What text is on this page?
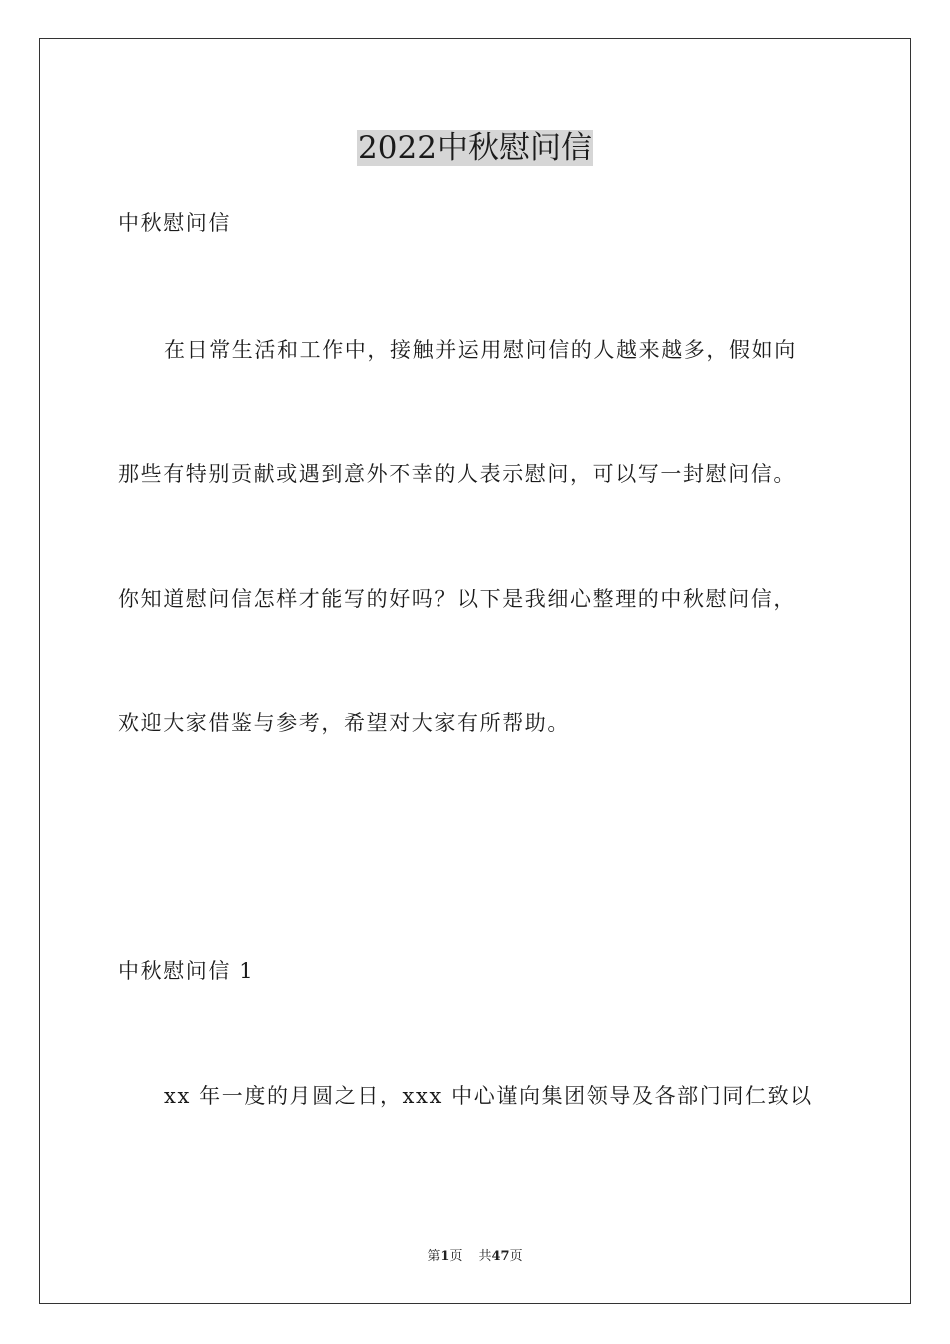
2022中秋慰问信
中秋慰问信
在日常生活和工作中，接触并运用慰问信的人越来越多，假如向
那些有特别贡献或遇到意外不幸的人表示慰问，可以写一封慰问信。
你知道慰问信怎样才能写的好吗？以下是我细心整理的中秋慰问信，
欢迎大家借鉴与参考，希望对大家有所帮助。
中秋慰问信 1
xx 年一度的月圆之日，xxx 中心谨向集团领导及各部门同仁致以
第1页 共47页
